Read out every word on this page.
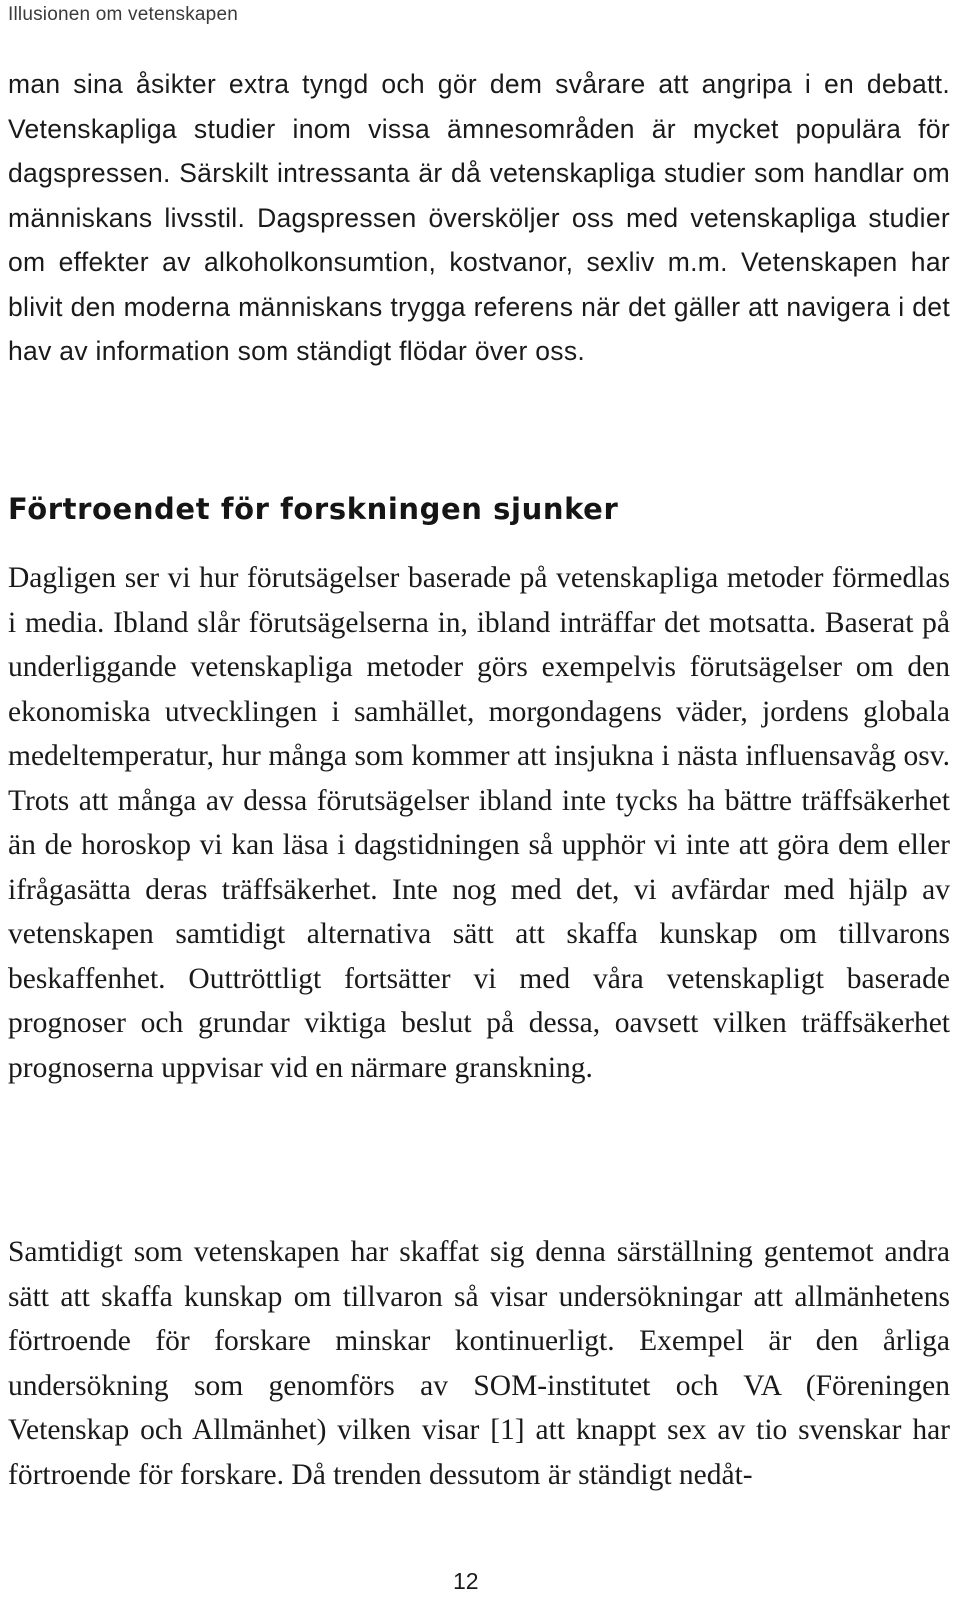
Illusionen om vetenskapen

man sina åsikter extra tyngd och gör dem svårare att angripa i en debatt. Vetenskapliga studier inom vissa ämnesområden är mycket populära för dagspressen. Särskilt intressanta är då vetenskapliga studier som handlar om människans livsstil. Dagspressen översköljer oss med vetenskapliga studier om effekter av alkoholkonsumtion, kostvanor, sexliv m.m. Vetenskapen har blivit den moderna människans trygga referens när det gäller att navigera i det hav av information som ständigt flödar över oss.

Förtroendet för forskningen sjunker

Dagligen ser vi hur förutsägelser baserade på vetenskapliga metoder förmedlas i media. Ibland slår förutsägelserna in, ibland inträffar det motsatta. Baserat på underliggande vetenskapliga metoder görs exempelvis förutsägelser om den ekonomiska utvecklingen i samhället, morgondagens väder, jordens globala medeltemperatur, hur många som kommer att insjukna i nästa influensavåg osv. Trots att många av dessa förutsägelser ibland inte tycks ha bättre träffsäkerhet än de horoskop vi kan läsa i dagstidningen så upphör vi inte att göra dem eller ifrågasätta deras träffsäkerhet. Inte nog med det, vi avfärdar med hjälp av vetenskapen samtidigt alternativa sätt att skaffa kunskap om tillvarons beskaffenhet. Outtröttligt fortsätter vi med våra vetenskapligt baserade prognoser och grundar viktiga beslut på dessa, oavsett vilken träffsäkerhet prognoserna uppvisar vid en närmare granskning.

Samtidigt som vetenskapen har skaffat sig denna särställning gentemot andra sätt att skaffa kunskap om tillvaron så visar undersökningar att allmänhetens förtroende för forskare minskar kontinuerligt. Exempel är den årliga undersökning som genomförs av SOM-institutet och VA (Föreningen Vetenskap och Allmänhet) vilken visar [1] att knappt sex av tio svenskar har förtroende för forskare. Då trenden dessutom är ständigt nedåt-

12
